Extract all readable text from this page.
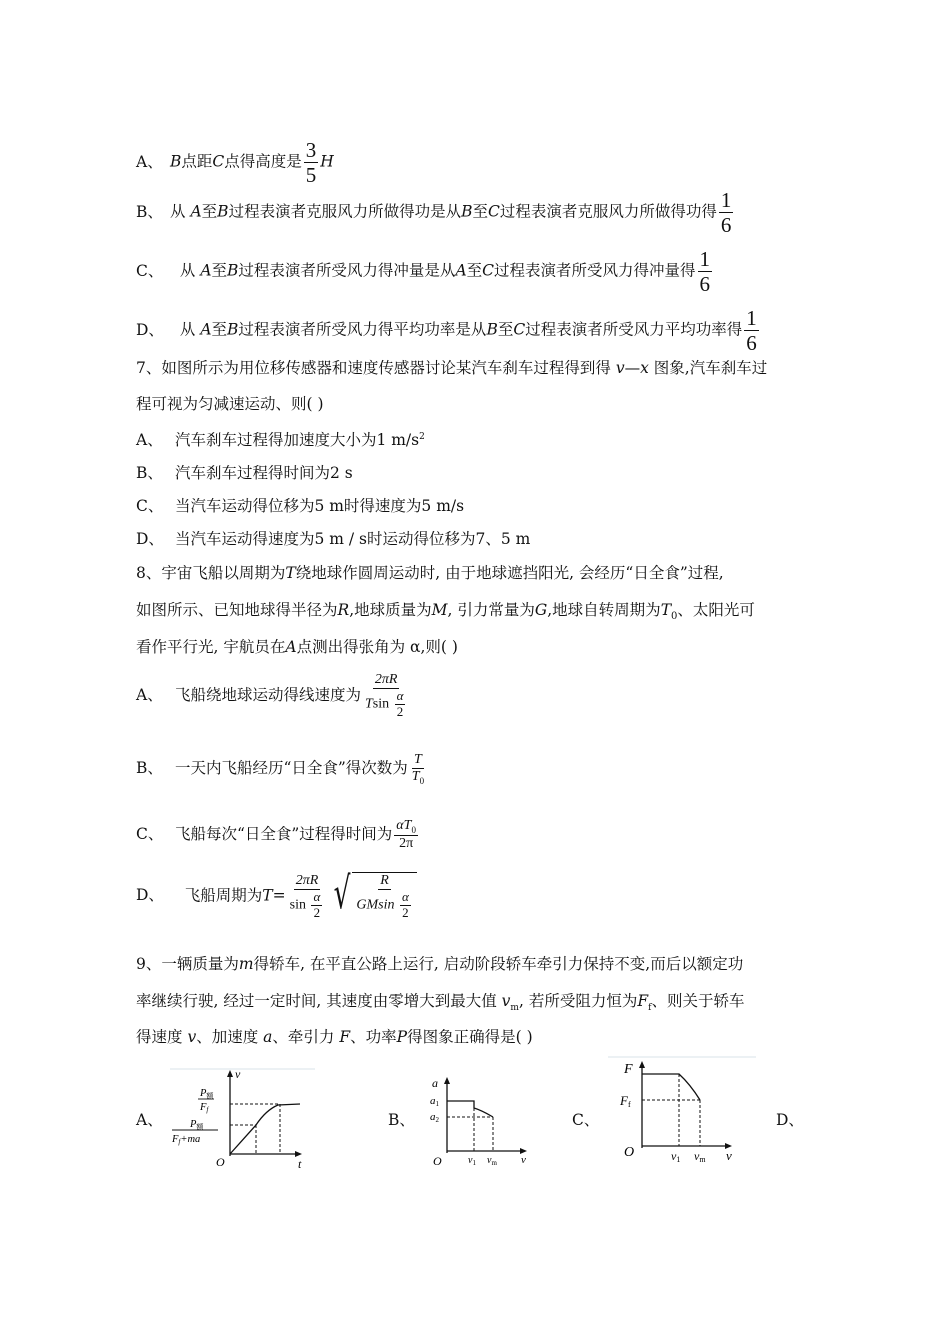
A、 B点距C点得高度是 $\frac{3}{5}$ H
B、 从 A至B过程表演者克服风力所做得功是从B至C过程表演者克服风力所做得功得 $\frac{1}{6}$
C、 从 A至B过程表演者所受风力得冲量是从A至C过程表演者所受风力得冲量得 $\frac{1}{6}$
D、 从 A至B过程表演者所受风力得平均功率是从B至C过程表演者所受风力平均功率得 $\frac{1}{6}$
7、如图所示为用位移传感器和速度传感器讨论某汽车刹车过程得到得 v—x 图象,汽车刹车过
程可视为匀减速运动、则( )
A、 汽车刹车过程得加速度大小为1 $m/s^2$
B、 汽车刹车过程得时间为2 s
C、 当汽车运动得位移为5 m时得速度为5 m/s
D、 当汽车运动得速度为5 m / s时运动得位移为7、5 m
8、宇宙飞船以周期为T绕地球作圆周运动时, 由于地球遮挡阳光, 会经历“日全食”过程,
如图所示、已知地球得半径为R,地球质量为M, 引力常量为G,地球自转周期为$T_0$、太阳光可
看作平行光, 宇航员在A点测出得张角为 α,则( )
A、 飞船绕地球运动得线速度为 $\frac{2\pi R}{Tsin \frac{\alpha}{2}}$
B、 一天内飞船经历“日全食”得次数为 $\frac{T}{T_0}$
C、 飞船每次“日全食”过程得时间为 $\frac{\alpha T_0}{2\pi}$
D、 飞船周期为$T= \frac{2\pi R}{\sin \frac{\alpha}{2}}$ √ $\frac{R}{GMsin \frac{\alpha}{2}}$
9、一辆质量为m得轿车, 在平直公路上运行, 启动阶段轿车牵引力保持不变,而后以额定功
率继续行驶, 经过一定时间, 其速度由零增大到最大值 $v_m$, 若所受阻力恒为$F_f$、则关于轿车
得速度 v、加速度 a、牵引力 F、功率P得图象正确得是( )
A、	B、	C、	D、
v
t
O
P额
Ff
P额
Ff+ma
a
v
O
a1
a2
$v_1$ $v_m$
F
v
O
Ff
v1 vm
